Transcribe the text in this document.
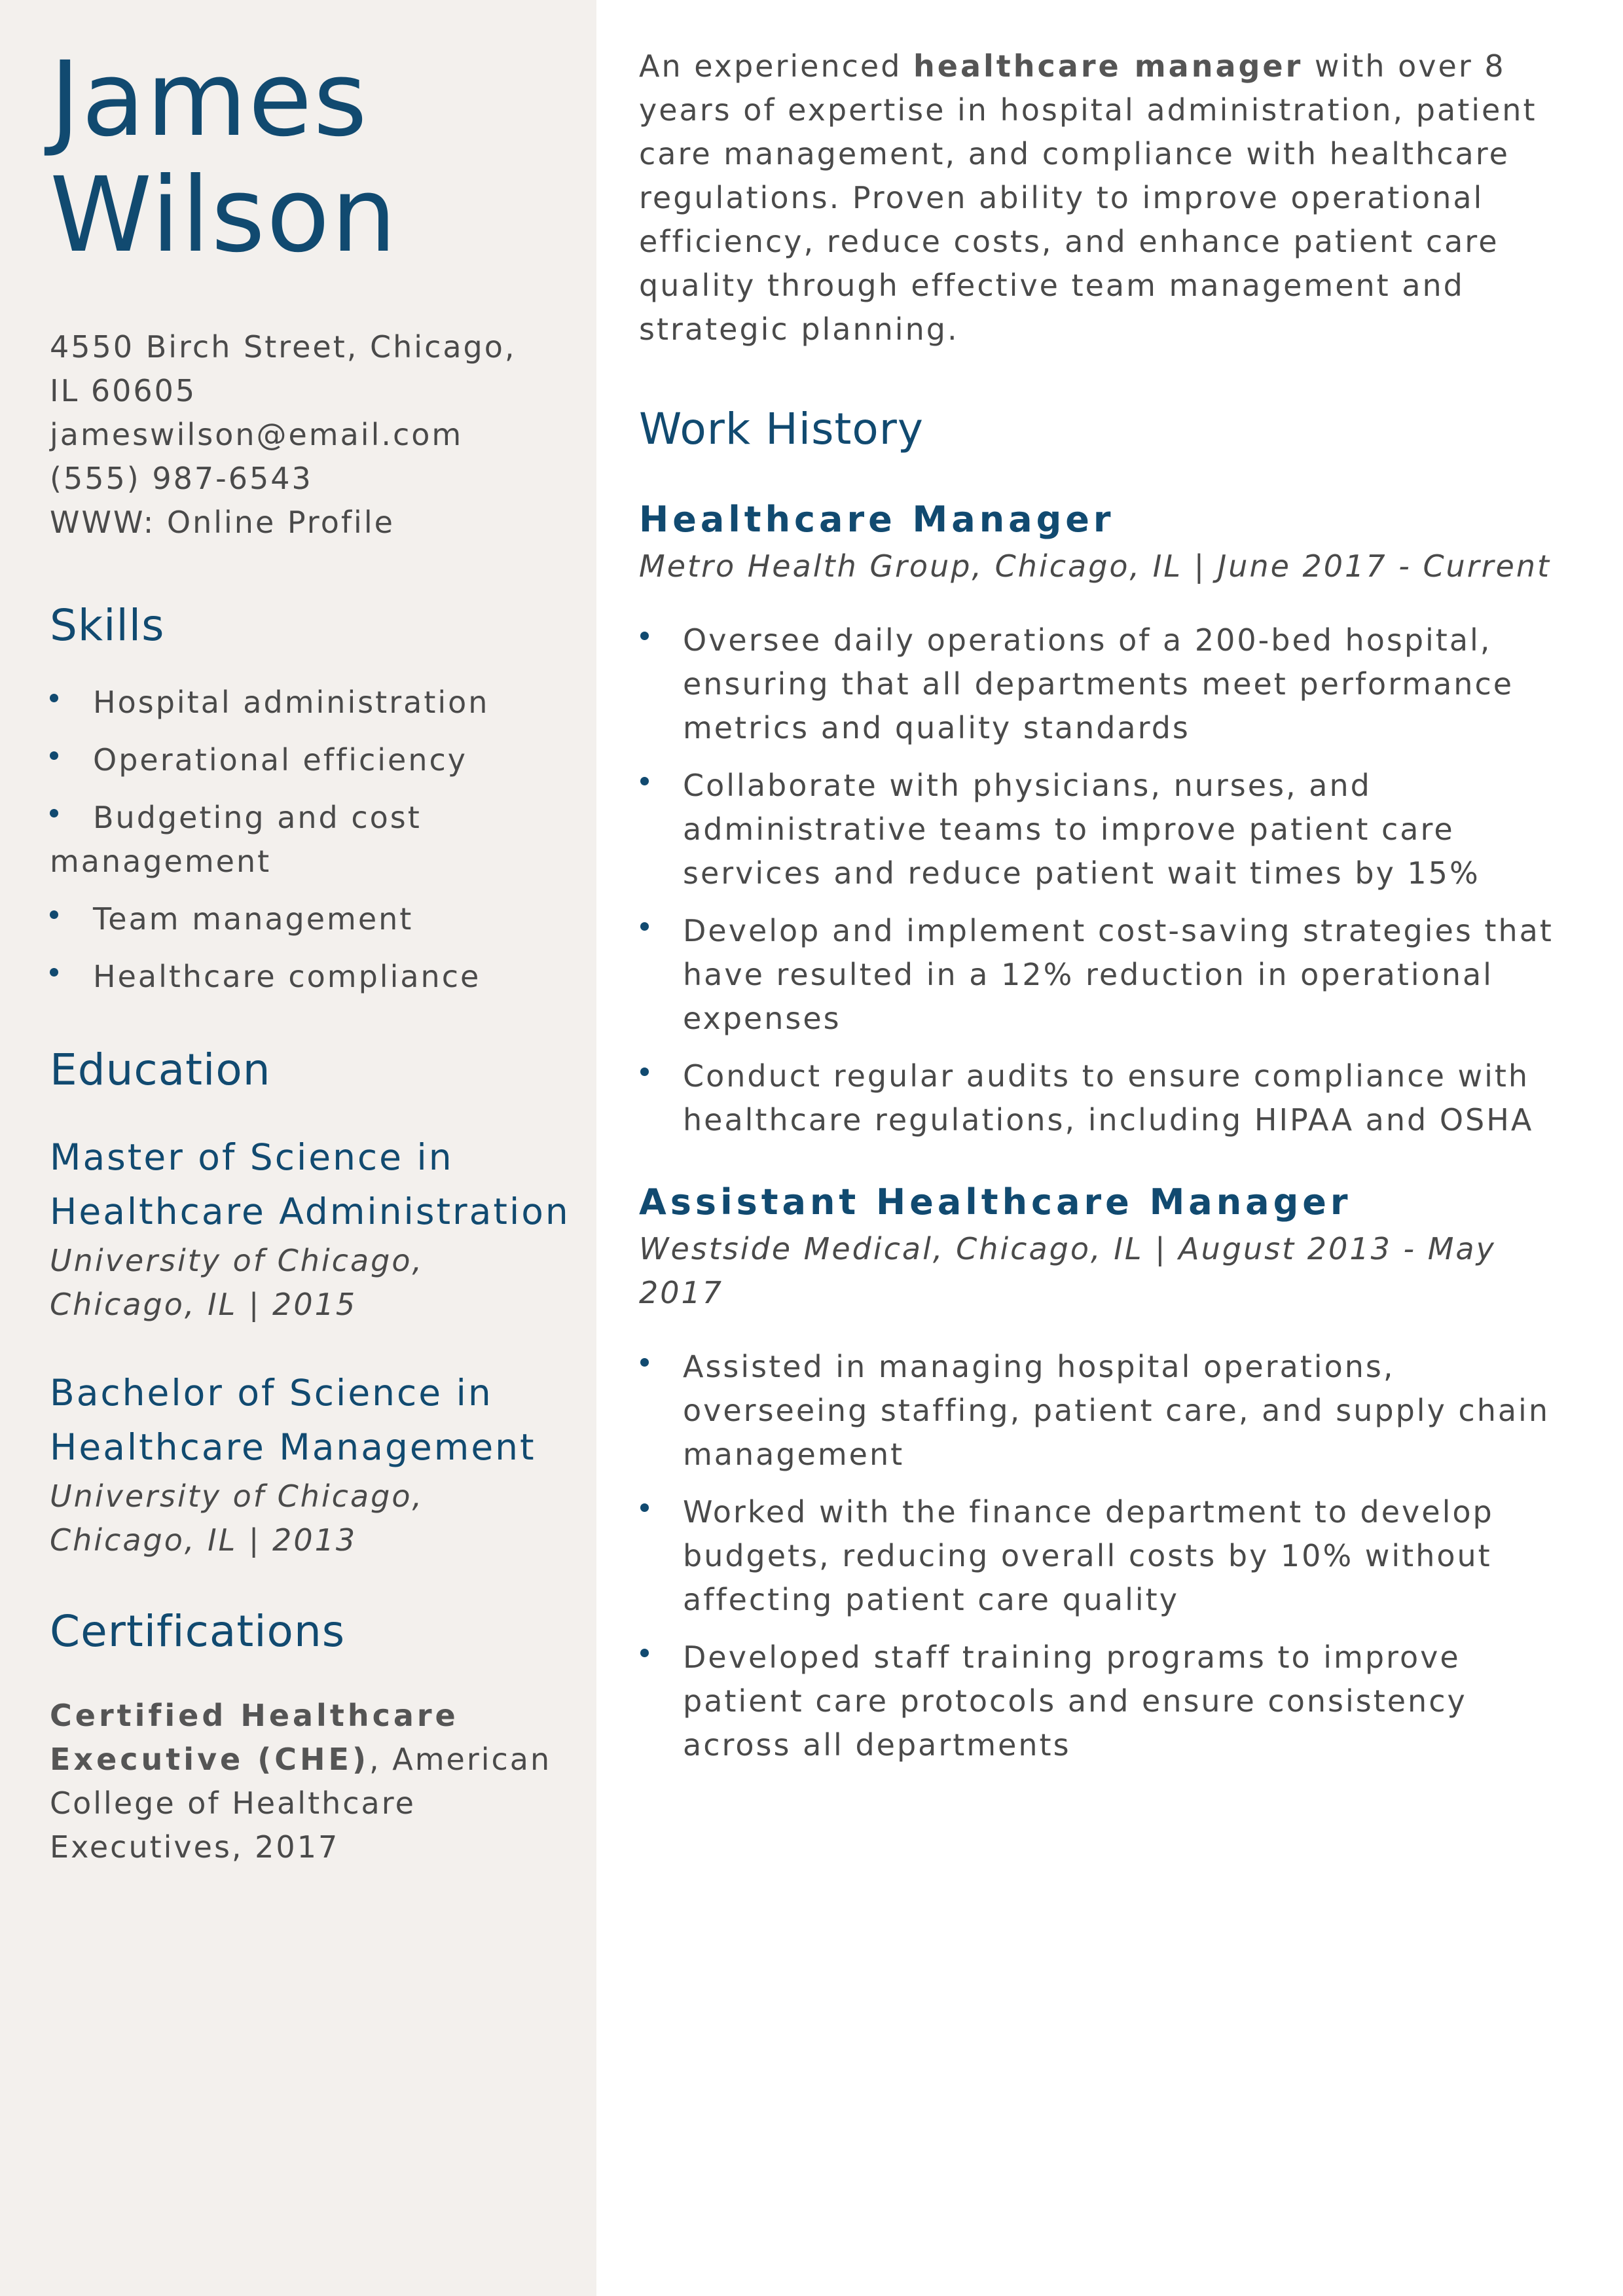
James
Wilson
4550 Birch Street, Chicago,
IL 60605
jameswilson@email.com
(555) 987-6543
WWW: Online Profile
Skills
Hospital administration
Operational efficiency
Budgeting and cost management
Team management
Healthcare compliance
Education
Master of Science in Healthcare Administration
University of Chicago, Chicago, IL | 2015
Bachelor of Science in Healthcare Management
University of Chicago, Chicago, IL | 2013
Certifications
Certified Healthcare Executive (CHE), American College of Healthcare Executives, 2017

An experienced healthcare manager with over 8 years of expertise in hospital administration, patient care management, and compliance with healthcare regulations. Proven ability to improve operational efficiency, reduce costs, and enhance patient care quality through effective team management and strategic planning.

Work History
Healthcare Manager
Metro Health Group, Chicago, IL | June 2017 - Current
Oversee daily operations of a 200-bed hospital, ensuring that all departments meet performance metrics and quality standards
Collaborate with physicians, nurses, and administrative teams to improve patient care services and reduce patient wait times by 15%
Develop and implement cost-saving strategies that have resulted in a 12% reduction in operational expenses
Conduct regular audits to ensure compliance with healthcare regulations, including HIPAA and OSHA
Assistant Healthcare Manager
Westside Medical, Chicago, IL | August 2013 - May 2017
Assisted in managing hospital operations, overseeing staffing, patient care, and supply chain management
Worked with the finance department to develop budgets, reducing overall costs by 10% without affecting patient care quality
Developed staff training programs to improve patient care protocols and ensure consistency across all departments
